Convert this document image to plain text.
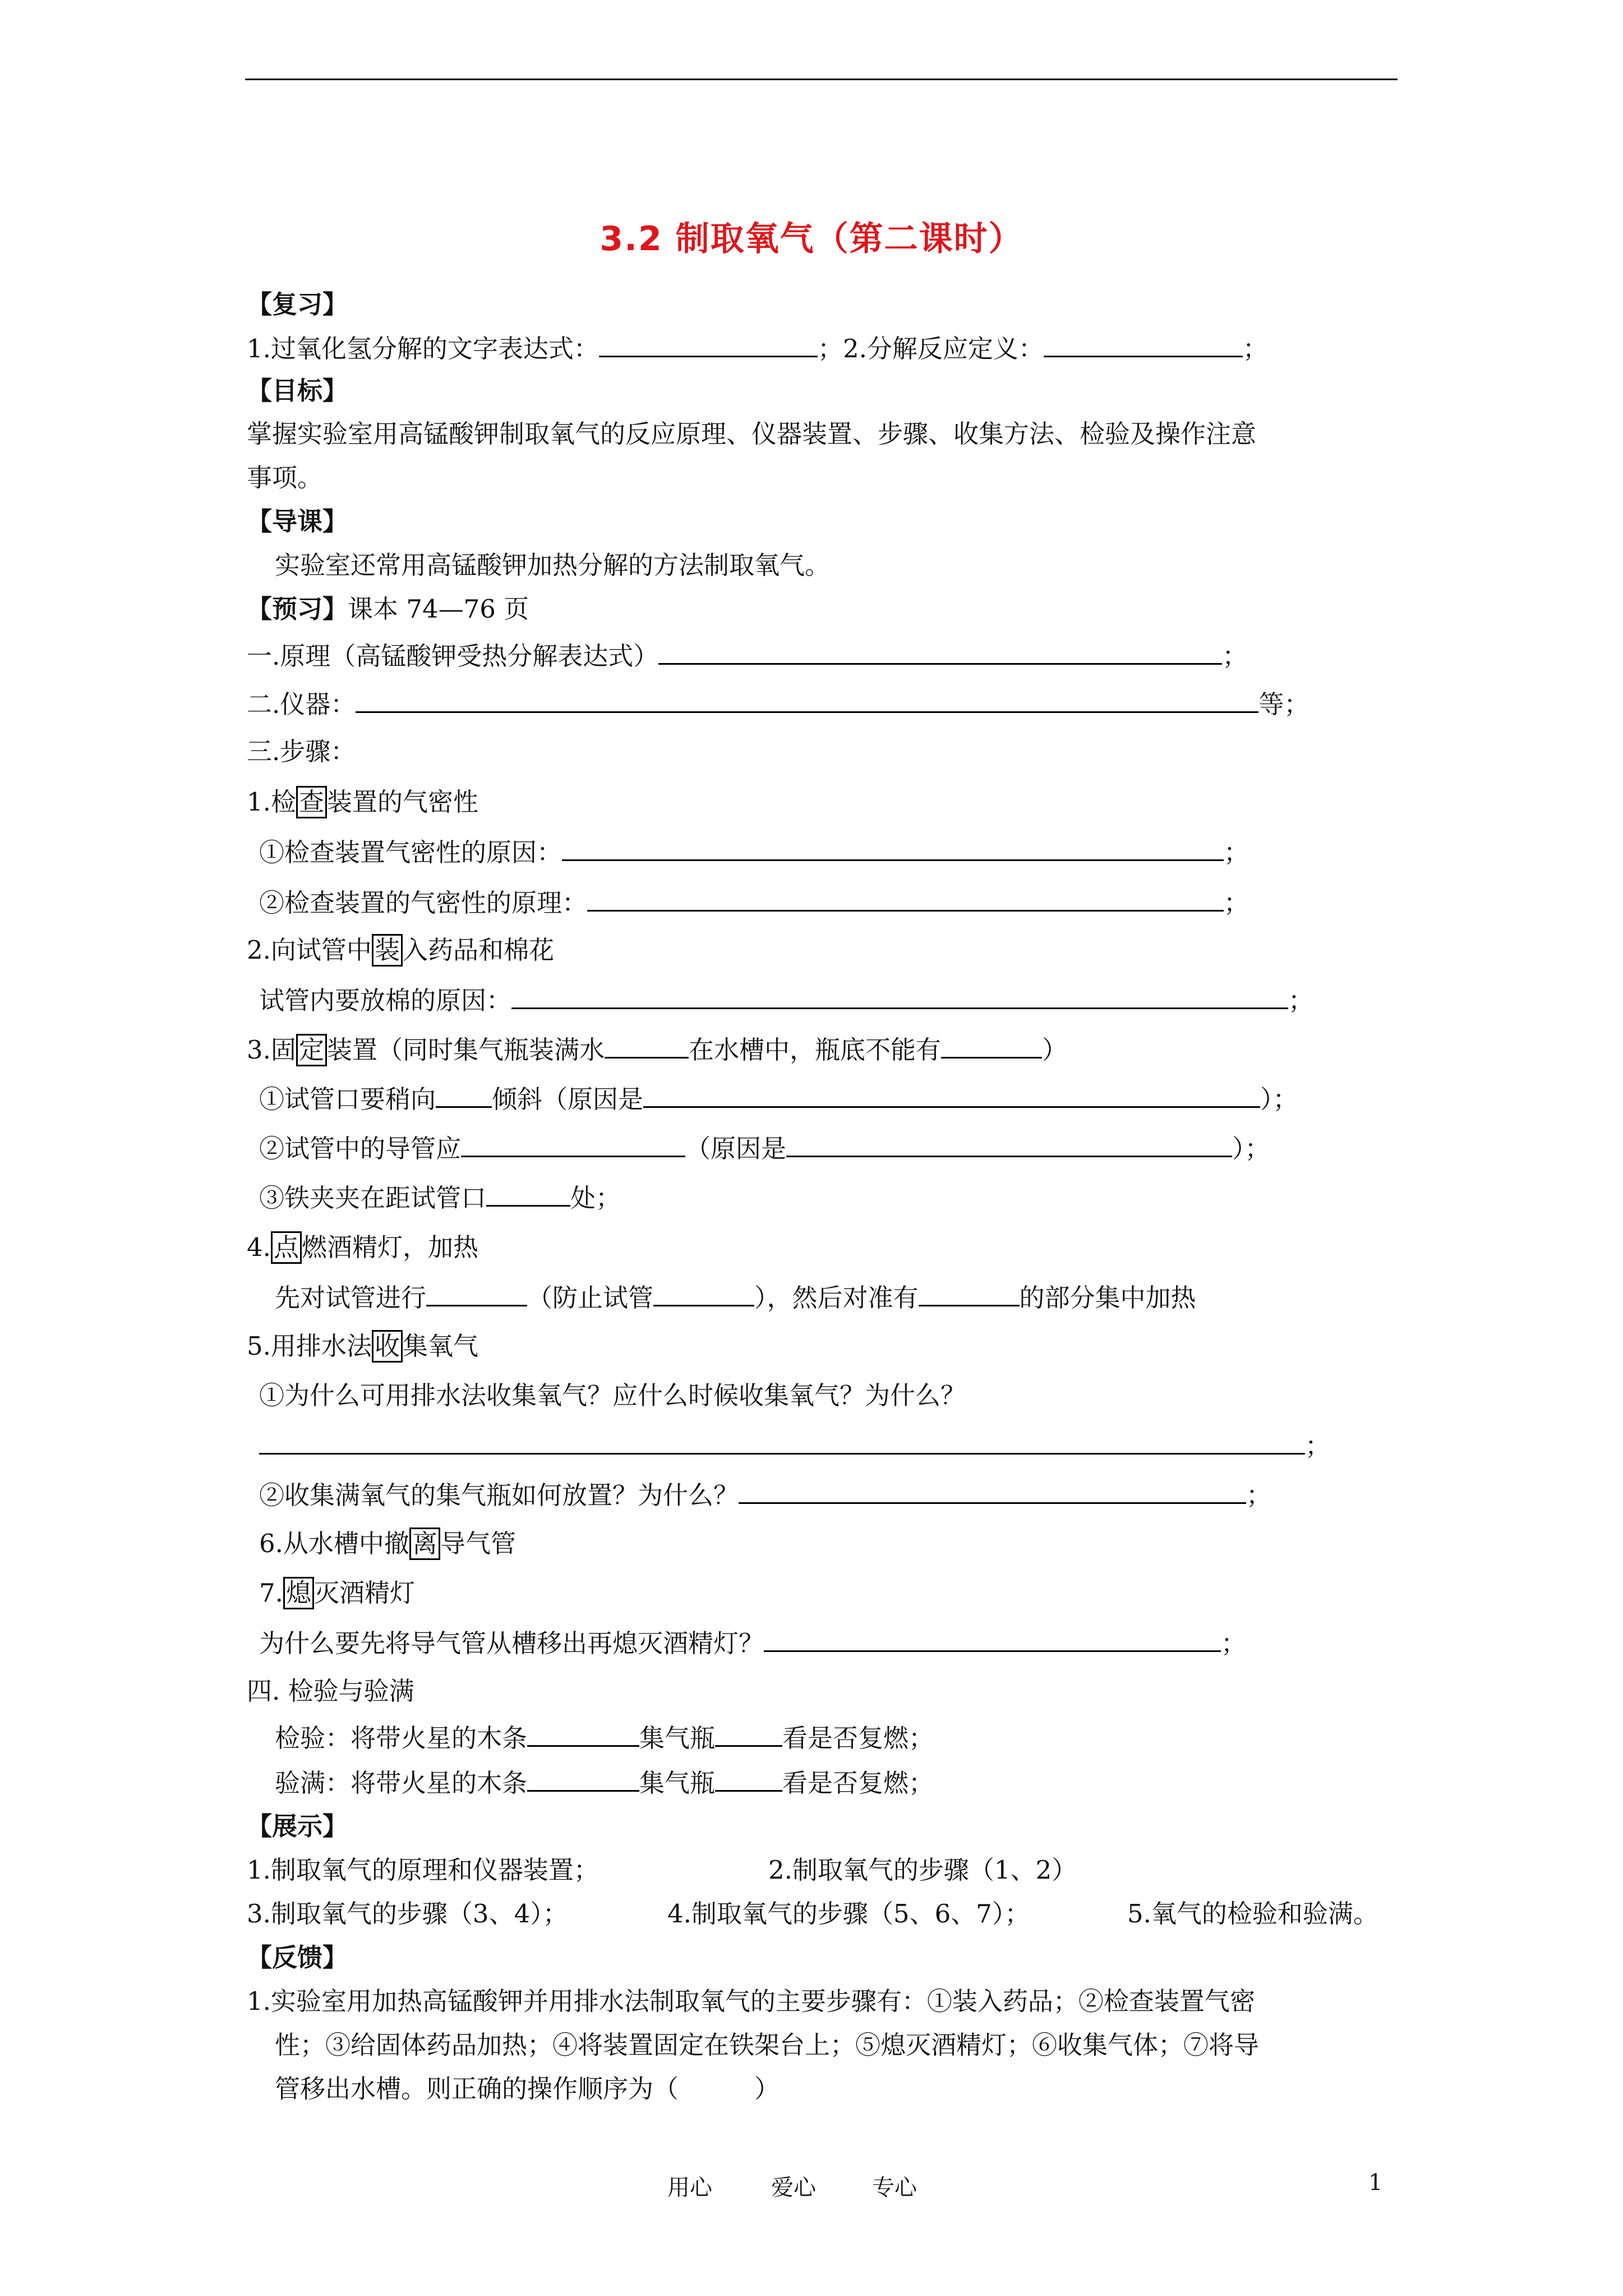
3.2 制取氧气（第二课时）
【复习】
1.过氧化氢分解的文字表达式：	；2.分解反应定义：	；
【目标】
掌握实验室用高锰酸钾制取氧气的反应原理、仪器装置、步骤、收集方法、检验及操作注意
事项。
【导课】
实验室还常用高锰酸钾加热分解的方法制取氧气。
【预习】课本 74—76 页
一.原理（高锰酸钾受热分解表达式）	；
二.仪器：	等；
三.步骤：
1.检 查 装置的气密性
①检查装置气密性的原因：	；
②检查装置的气密性的原理：	；
2.向试管中 装 入药品和棉花
试管内要放棉的原因：	；
3.固 定 装置（同时集气瓶装满水	在水槽中，瓶底不能有	）
①试管口要稍向 倾斜（原因是	）；
②试管中的导管应	（原因是	）；
③铁夹夹在距试管口	处；
4. 点 燃酒精灯，加热
先对试管进行	（防止试管	），然后对准有	的部分集中加热
5.用排水法 收 集氧气
①为什么可用排水法收集氧气？应什么时候收集氧气？为什么？
；
②收集满氧气的集气瓶如何放置？为什么？	；
6.从水槽中撤 离 导气管
7. 熄 灭酒精灯
为什么要先将导气管从槽移出再熄灭酒精灯？	；
四. 检验与验满
检验：将带火星的木条	集气瓶	看是否复燃；
验满：将带火星的木条	集气瓶	看是否复燃；
【展示】
1.制取氧气的原理和仪器装置；	2.制取氧气的步骤（1、2）
3.制取氧气的步骤（3、4）；	4.制取氧气的步骤（5、6、7）；	5.氧气的检验和验满。
【反馈】
1.实验室用加热高锰酸钾并用排水法制取氧气的主要步骤有：①装入药品；②检查装置气密
性；③给固体药品加热；④将装置固定在铁架台上；⑤熄灭酒精灯；⑥收集气体；⑦将导
管移出水槽。则正确的操作顺序为（　　　）
用心	爱心	专心	1
